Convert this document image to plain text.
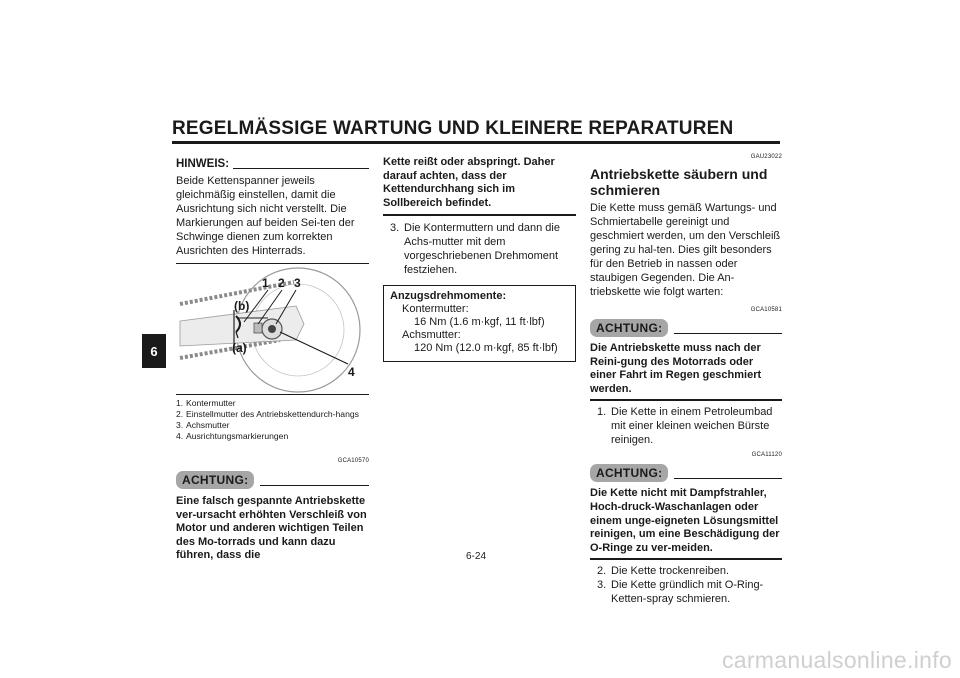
REGELMÄSSIGE WARTUNG UND KLEINERE REPARATUREN
6
HINWEIS:
Beide Kettenspanner jeweils gleichmäßig einstellen, damit die Ausrichtung sich nicht verstellt. Die Markierungen auf beiden Sei-ten der Schwinge dienen zum korrekten Ausrichten des Hinterrads.
1 2 3
4
(b)
(a)
1. Kontermutter
2. Einstellmutter des Antriebskettendurch-hangs
3. Achsmutter
4. Ausrichtungsmarkierungen
GCA10570
ACHTUNG:
Eine falsch gespannte Antriebskette ver-ursacht erhöhten Verschleiß von Motor und anderen wichtigen Teilen des Mo-torrads und kann dazu führen, dass die
Kette reißt oder abspringt. Daher darauf achten, dass der Kettendurchhang sich im Sollbereich befindet.
3. Die Kontermuttern und dann die Achs-mutter mit dem vorgeschriebenen Drehmoment festziehen.
Anzugsdrehmomente:
Kontermutter:
16 Nm (1.6 m·kgf, 11 ft·lbf)
Achsmutter:
120 Nm (12.0 m·kgf, 85 ft·lbf)
GAU23022
Antriebskette säubern und schmieren
Die Kette muss gemäß Wartungs- und Schmiertabelle gereinigt und geschmiert werden, um den Verschleiß gering zu hal-ten. Dies gilt besonders für den Betrieb in nassen oder staubigen Gegenden. Die An-triebskette wie folgt warten:
GCA10581
ACHTUNG:
Die Antriebskette muss nach der Reini-gung des Motorrads oder einer Fahrt im Regen geschmiert werden.
1. Die Kette in einem Petroleumbad mit einer kleinen weichen Bürste reinigen.
GCA11120
ACHTUNG:
Die Kette nicht mit Dampfstrahler, Hoch-druck-Waschanlagen oder einem unge-eigneten Lösungsmittel reinigen, um eine Beschädigung der O-Ringe zu ver-meiden.
2. Die Kette trockenreiben.
3. Die Kette gründlich mit O-Ring-Ketten-spray schmieren.
6-24
carmanualsonline.info
